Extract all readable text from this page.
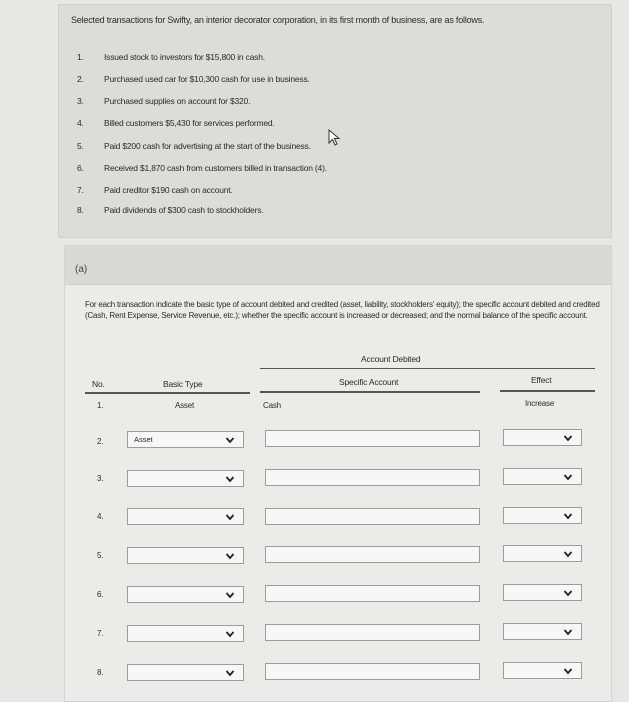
Selected transactions for Swifty, an interior decorator corporation, in its first month of business, are as follows.
1.	Issued stock to investors for $15,800 in cash.
2.	Purchased used car for $10,300 cash for use in business.
3.	Purchased supplies on account for $320.
4.	Billed customers $5,430 for services performed.
5.	Paid $200 cash for advertising at the start of the business.
6.	Received $1,870 cash from customers billed in transaction (4).
7.	Paid creditor $190 cash on account.
8.	Paid dividends of $300 cash to stockholders.
(a)
For each transaction indicate the basic type of account debited and credited (asset, liability, stockholders' equity); the specific account debited and credited (Cash, Rent Expense, Service Revenue, etc.); whether the specific account is increased or decreased; and the normal balance of the specific account.
Account Debited
No.	Basic Type	Specific Account	Effect
1.	Asset	Cash	Increase
2.	Asset
3.
4.
5.
6.
7.
8.
